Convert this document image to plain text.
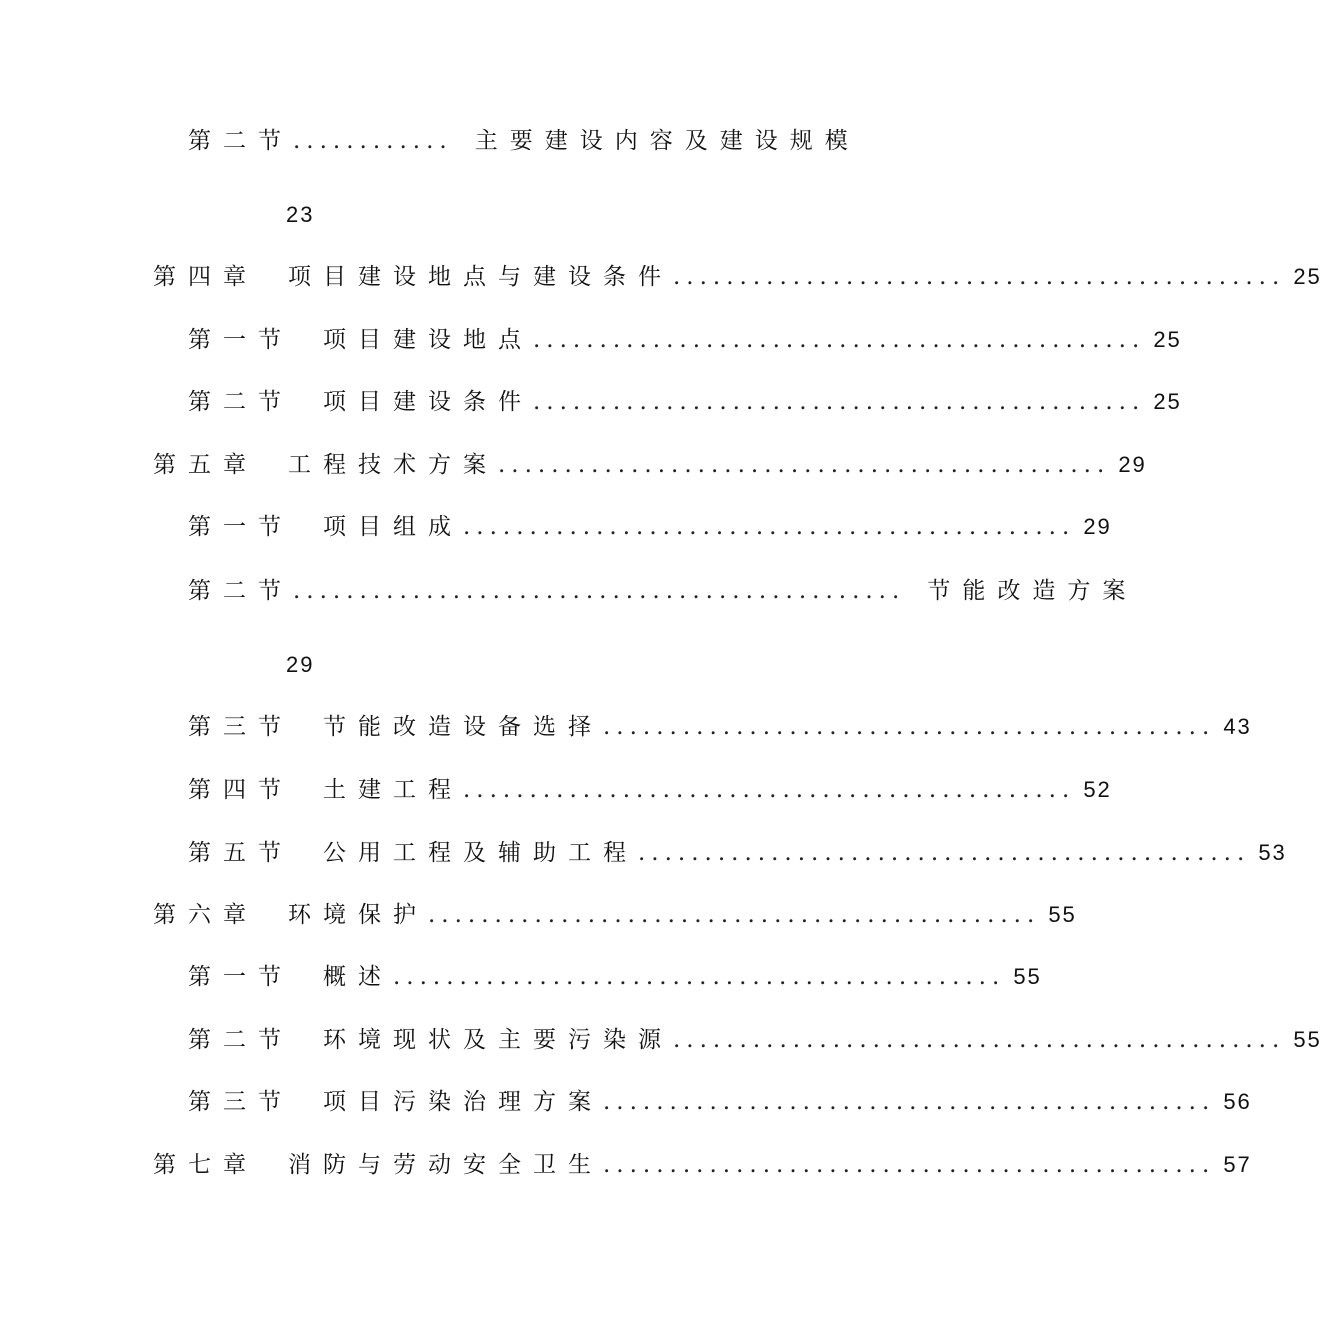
第二节 ............ 主要建设内容及建设规模
23
第四章 项目建设地点与建设条件 .............................................. 25
第一节 项目建设地点 .............................................. 25
第二节 项目建设条件 .............................................. 25
第五章 工程技术方案 .............................................. 29
第一节 项目组成 .............................................. 29
第二节 .............................................. 节能改造方案
29
第三节 节能改造设备选择 .............................................. 43
第四节 土建工程 .............................................. 52
第五节 公用工程及辅助工程 .............................................. 53
第六章 环境保护 .............................................. 55
第一节 概述 .............................................. 55
第二节 环境现状及主要污染源 .............................................. 55
第三节 项目污染治理方案 .............................................. 56
第七章 消防与劳动安全卫生 .............................................. 57
